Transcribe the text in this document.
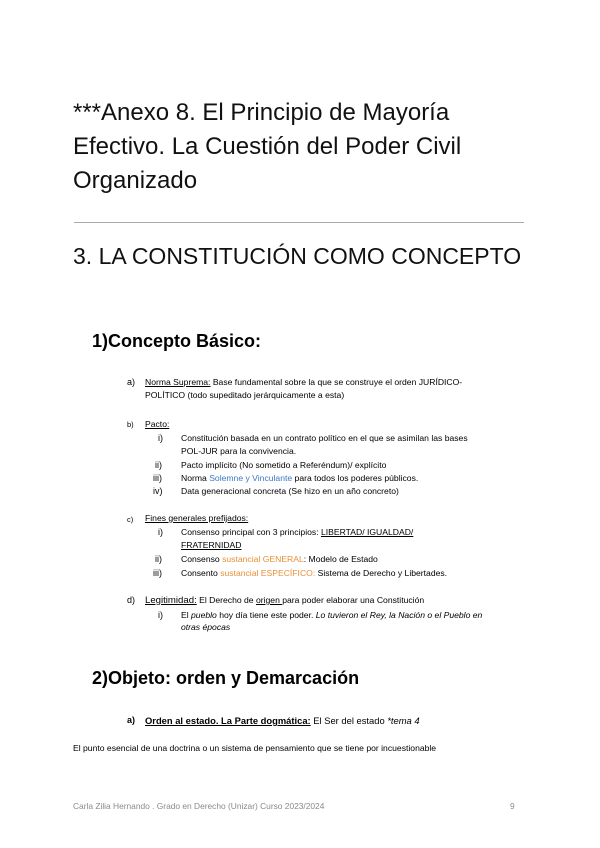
***Anexo 8. El Principio de Mayoría Efectivo. La Cuestión del Poder Civil Organizado
3. LA CONSTITUCIÓN COMO CONCEPTO
1)Concepto Básico:
a) Norma Suprema: Base fundamental sobre la que se construye el orden JURÍDICO-
POLÍTICO (todo supeditado jerárquicamente a esta)
b) Pacto:
i) Constitución basada en un contrato político en el que se asimilan las bases
POL-JUR para la convivencia.
ii) Pacto implícito (No sometido a Referéndum)/ explícito
iii) Norma Solemne y Vinculante para todos los poderes públicos.
iv) Data generacional concreta (Se hizo en un año concreto)
c) Fines generales prefijados:
i) Consenso principal con 3 principios: LIBERTAD/ IGUALDAD/
FRATERNIDAD
ii) Consenso sustancial GENERAL: Modelo de Estado
iii) Consento sustancial ESPECÍFICO: Sistema de Derecho y Libertades.
d) Legitimidad: El Derecho de origen para poder elaborar una Constitución
i) El pueblo hoy día tiene este poder. Lo tuvieron el Rey, la Nación o el Pueblo en
otras épocas
2)Objeto: orden y Demarcación
a) Orden al estado. La Parte dogmática: El Ser del estado *tema 4
El punto esencial de una doctrina o un sistema de pensamiento que se tiene por incuestionable
Carla Zilia Hernando . Grado en Derecho (Unizar) Curso 2023/2024	9
